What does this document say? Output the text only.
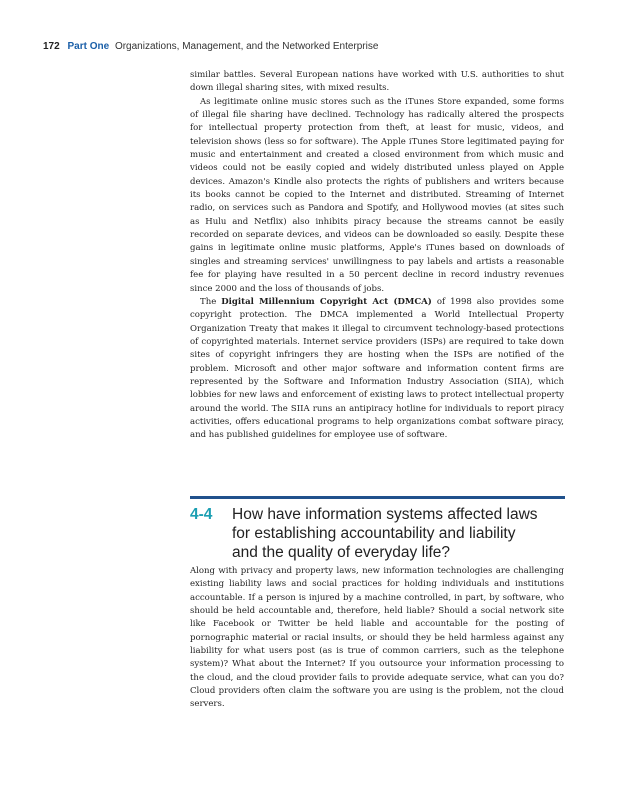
172 Part One Organizations, Management, and the Networked Enterprise

similar battles. Several European nations have worked with U.S. authorities to shut down illegal sharing sites, with mixed results.

As legitimate online music stores such as the iTunes Store expanded, some forms of illegal file sharing have declined. Technology has radically altered the prospects for intellectual property protection from theft, at least for music, videos, and television shows (less so for software). The Apple iTunes Store legitimated paying for music and entertainment and created a closed environment from which music and videos could not be easily copied and widely distributed unless played on Apple devices. Amazon's Kindle also protects the rights of publishers and writers because its books cannot be copied to the Internet and distributed. Streaming of Internet radio, on services such as Pandora and Spotify, and Hollywood movies (at sites such as Hulu and Netflix) also inhibits piracy because the streams cannot be easily recorded on separate devices, and videos can be downloaded so easily. Despite these gains in legitimate online music platforms, Apple's iTunes based on downloads of singles and streaming services' unwillingness to pay labels and artists a reasonable fee for playing have resulted in a 50 percent decline in record industry revenues since 2000 and the loss of thousands of jobs.

The Digital Millennium Copyright Act (DMCA) of 1998 also provides some copyright protection. The DMCA implemented a World Intellectual Property Organization Treaty that makes it illegal to circumvent technology-based protections of copyrighted materials. Internet service providers (ISPs) are required to take down sites of copyright infringers they are hosting when the ISPs are notified of the problem. Microsoft and other major software and information content firms are represented by the Software and Information Industry Association (SIIA), which lobbies for new laws and enforcement of existing laws to protect intellectual property around the world. The SIIA runs an antipiracy hotline for individuals to report piracy activities, offers educational programs to help organizations combat software piracy, and has published guidelines for employee use of software.

4-4 How have information systems affected laws
for establishing accountability and liability
and the quality of everyday life?

Along with privacy and property laws, new information technologies are challenging existing liability laws and social practices for holding individuals and institutions accountable. If a person is injured by a machine controlled, in part, by software, who should be held accountable and, therefore, held liable? Should a social network site like Facebook or Twitter be held liable and accountable for the posting of pornographic material or racial insults, or should they be held harmless against any liability for what users post (as is true of common carriers, such as the telephone system)? What about the Internet? If you outsource your information processing to the cloud, and the cloud provider fails to provide adequate service, what can you do? Cloud providers often claim the software you are using is the problem, not the cloud servers.
